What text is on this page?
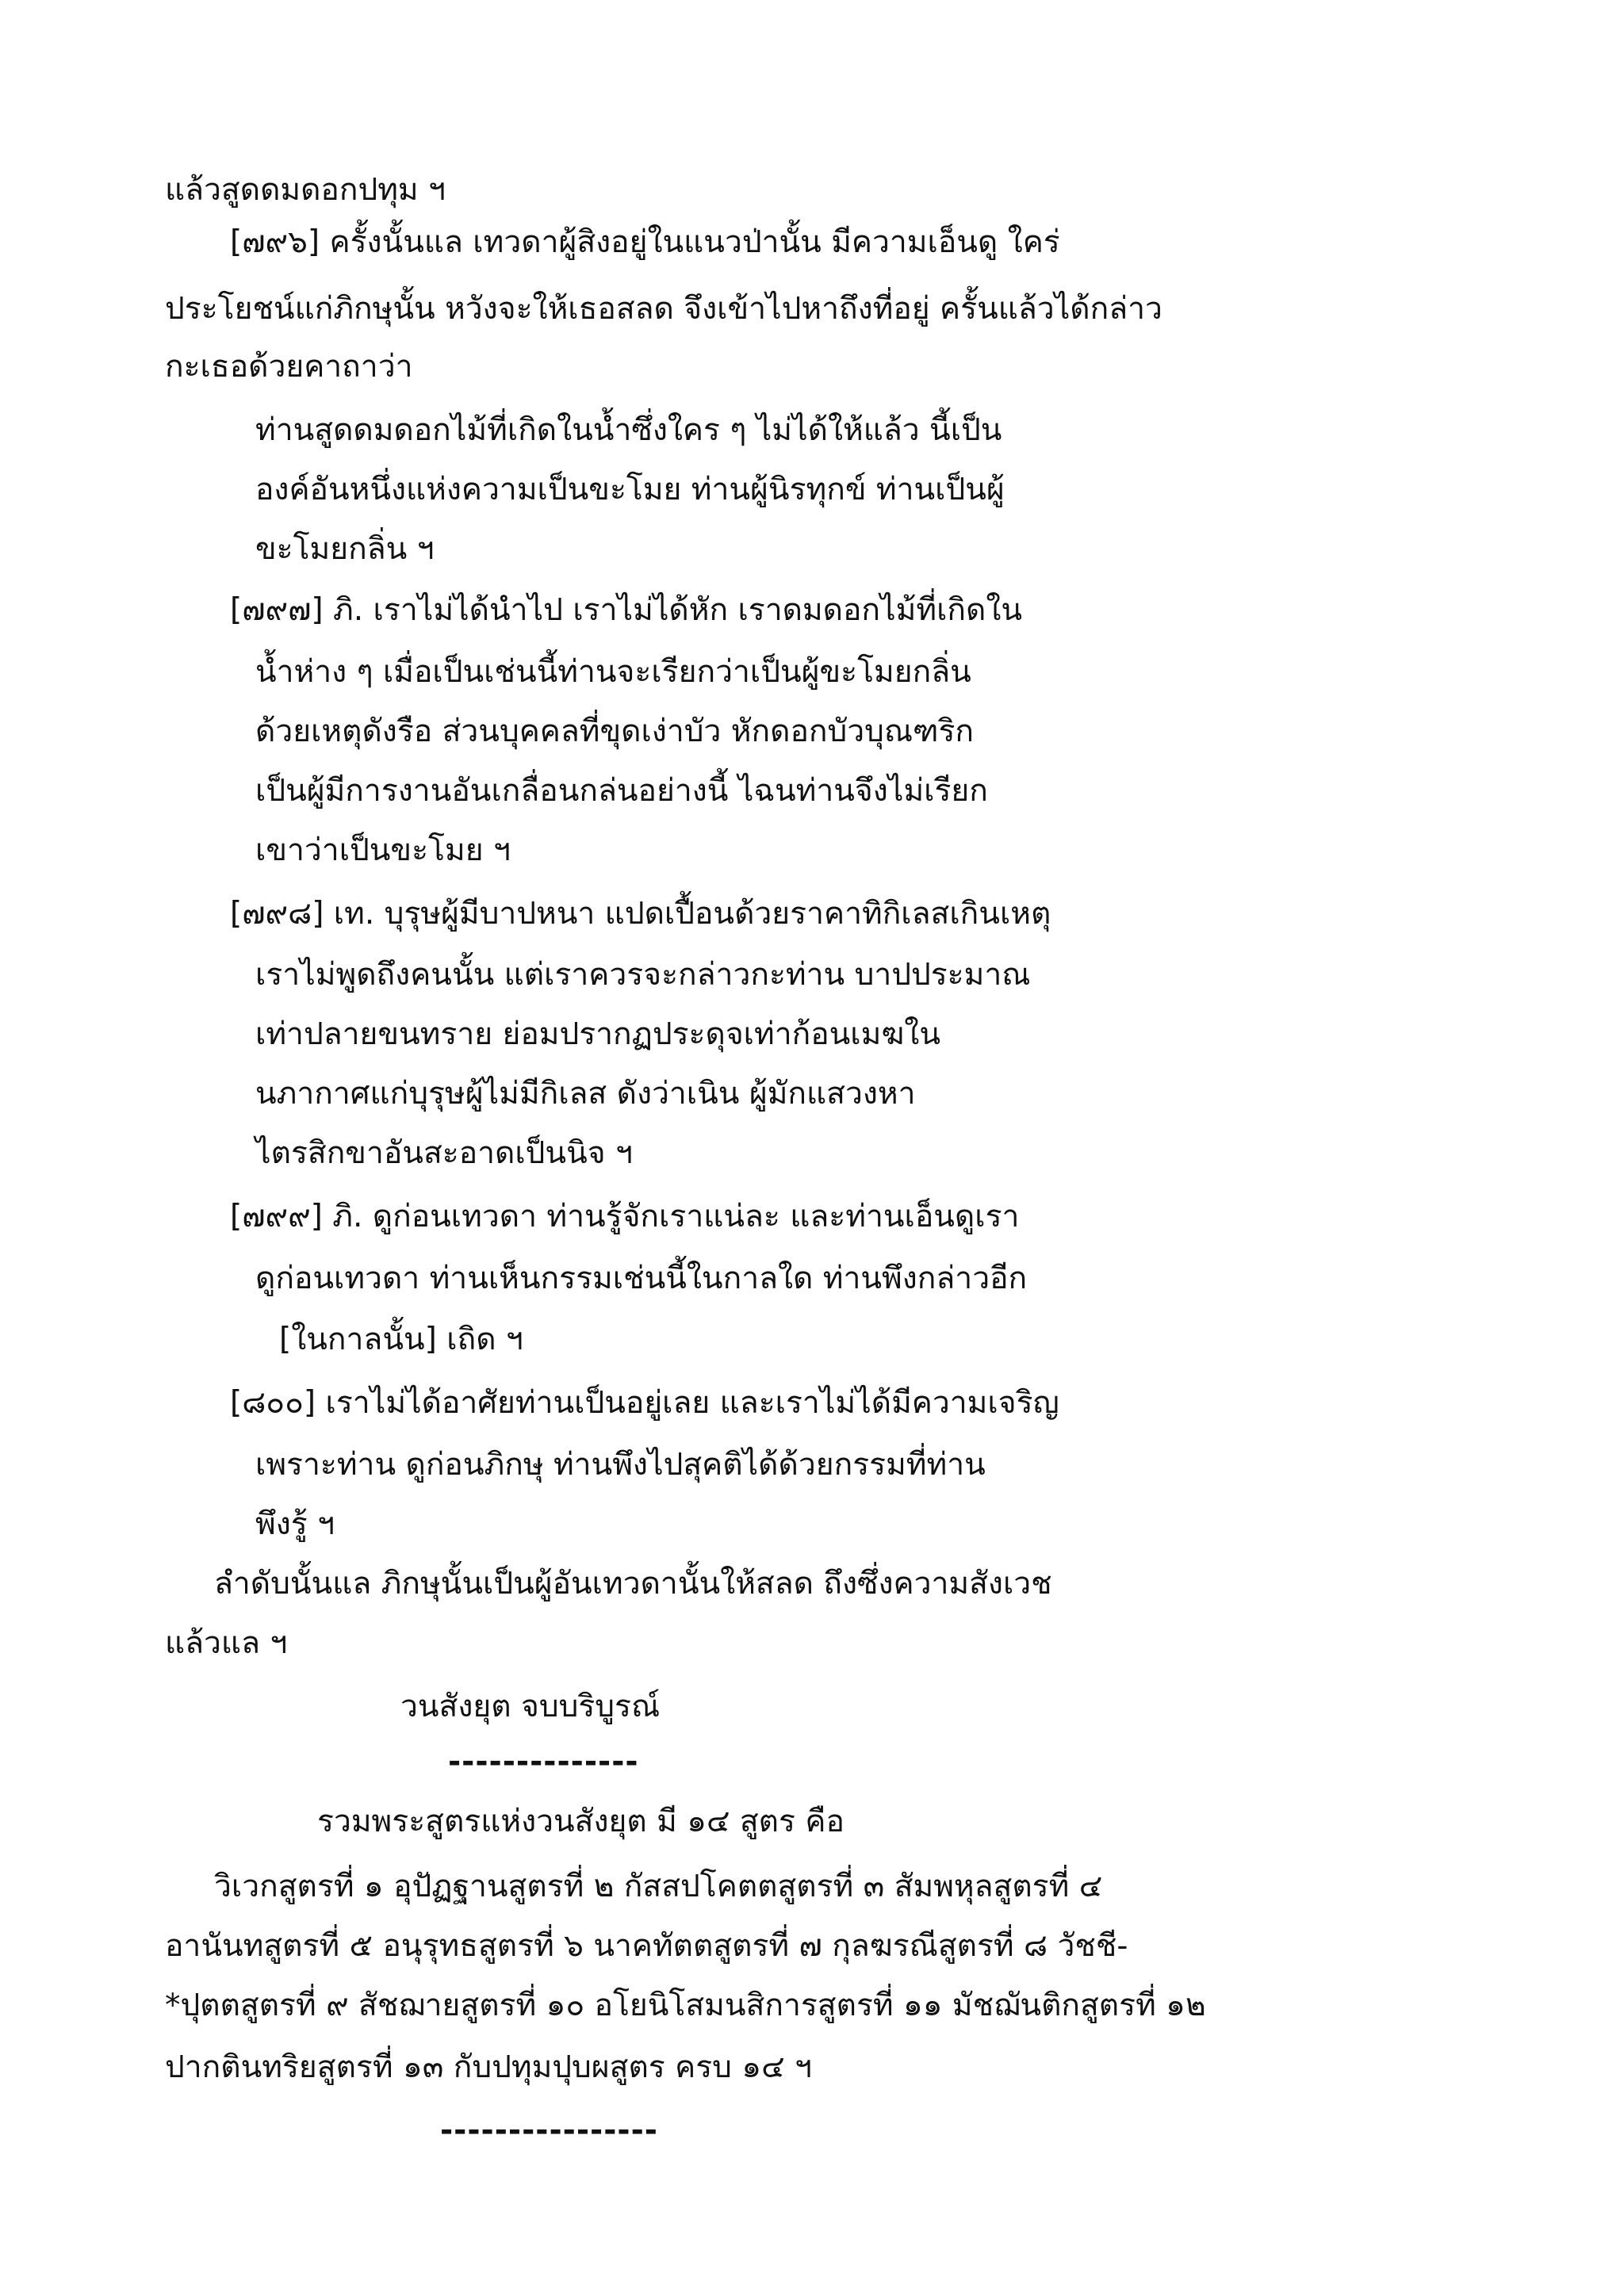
แล้วสูดดมดอกปทุม ฯ
[๗๙๖] ครั้งนั้นแล เทวดาผู้สิงอยู่ในแนวป่านั้น มีความเอ็นดู ใคร่
ประโยชน์แก่ภิกษุนั้น หวังจะให้เธอสลด จึงเข้าไปหาถึงที่อยู่ ครั้นแล้วได้กล่าว
กะเธอด้วยคาถาว่า
ท่านสูดดมดอกไม้ที่เกิดในน้ำซึ่งใคร ๆ ไม่ได้ให้แล้ว นี้เป็น
องค์อันหนึ่งแห่งความเป็นขะโมย ท่านผู้นิรทุกข์ ท่านเป็นผู้
ขะโมยกลิ่น ฯ
[๗๙๗] ภิ. เราไม่ได้นำไป เราไม่ได้หัก เราดมดอกไม้ที่เกิดใน
น้ำห่าง ๆ เมื่อเป็นเช่นนี้ท่านจะเรียกว่าเป็นผู้ขะโมยกลิ่น
ด้วยเหตุดังรือ ส่วนบุคคลที่ขุดเง่าบัว หักดอกบัวบุณฑริก
เป็นผู้มีการงานอันเกลื่อนกล่นอย่างนี้ ไฉนท่านจึงไม่เรียก
เขาว่าเป็นขะโมย ฯ
[๗๙๘] เท. บุรุษผู้มีบาปหนา แปดเปื้อนด้วยราคาทิกิเลสเกินเหตุ
เราไม่พูดถึงคนนั้น แต่เราควรจะกล่าวกะท่าน บาปประมาณ
เท่าปลายขนทราย ย่อมปรากฏประดุจเท่าก้อนเมฆใน
นภากาศแก่บุรุษผู้ไม่มีกิเลส ดังว่าเนิน ผู้มักแสวงหา
ไตรสิกขาอันสะอาดเป็นนิจ ฯ
[๗๙๙] ภิ. ดูก่อนเทวดา ท่านรู้จักเราแน่ละ และท่านเอ็นดูเรา
ดูก่อนเทวดา ท่านเห็นกรรมเช่นนี้ในกาลใด ท่านพึงกล่าวอีก
[ในกาลนั้น] เถิด ฯ
[๘๐๐] เราไม่ได้อาศัยท่านเป็นอยู่เลย และเราไม่ได้มีความเจริญ
เพราะท่าน ดูก่อนภิกษุ ท่านพึงไปสุคติได้ด้วยกรรมที่ท่าน
พึงรู้ ฯ
ลำดับนั้นแล ภิกษุนั้นเป็นผู้อันเทวดานั้นให้สลด ถึงซึ่งความสังเวช
แล้วแล ฯ
วนสังยุต จบบริบูรณ์
--------------
รวมพระสูตรแห่งวนสังยุต มี ๑๔ สูตร คือ
วิเวกสูตรที่ ๑ อุปัฏฐานสูตรที่ ๒ กัสสปโคตตสูตรที่ ๓ สัมพหุลสูตรที่ ๔
อานันทสูตรที่ ๕ อนุรุทธสูตรที่ ๖ นาคทัตตสูตรที่ ๗ กุลฆรณีสูตรที่ ๘ วัชชี-
*ปุตตสูตรที่ ๙ สัชฌายสูตรที่ ๑๐ อโยนิโสมนสิการสูตรที่ ๑๑ มัชฌันติกสูตรที่ ๑๒
ปากตินทริยสูตรที่ ๑๓ กับปทุมปุบผสูตร ครบ ๑๔ ฯ
----------------
